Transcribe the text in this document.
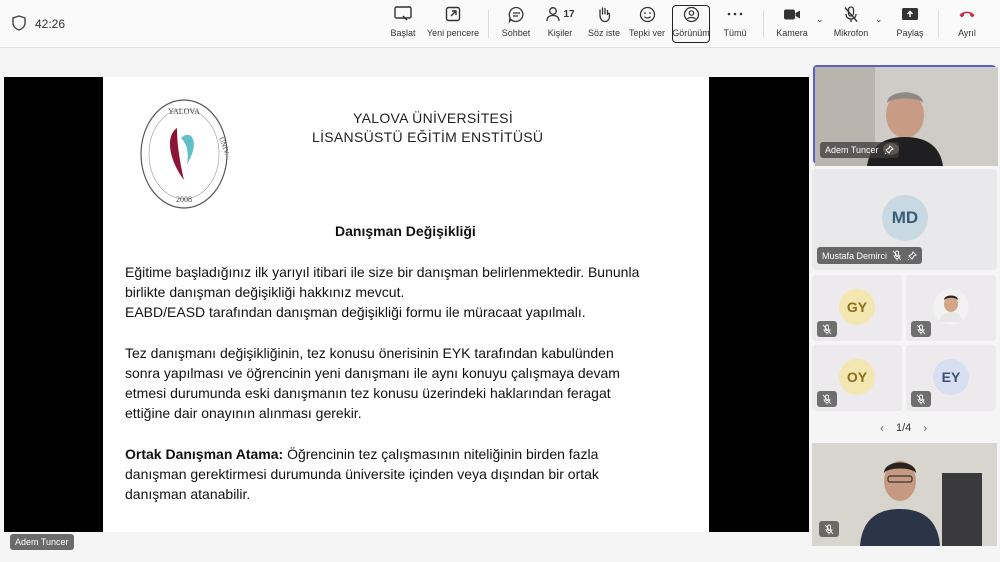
42:26
Başlat Yeni pencere	Sohbet
17
Kişiler Söz iste Tepki ver Görünüm Tümü	Kamera
⌄
Mikrofon
⌄
Paylaş	Ayrıl
YALOVA
ÜNİV.
2008
YALOVA ÜNİVERSİTESİ
LİSANSÜSTÜ EĞİTİM ENSTİTÜSÜ
Danışman Değişikliği
Eğitime başladığınız ilk yarıyıl itibari ile size bir danışman belirlenmektedir. Bununla
birlikte danışman değişikliği hakkınız mevcut.
EABD/EASD tarafından danışman değişikliği formu ile müracaat yapılmalı.
Tez danışmanı değişikliğinin, tez konusu önerisinin EYK tarafından kabulünden
sonra yapılması ve öğrencinin yeni danışmanı ile aynı konuyu çalışmaya devam
etmesi durumunda eski danışmanın tez konusu üzerindeki haklarından feragat
ettiğine dair onayının alınması gerekir.
Ortak Danışman Atama: Öğrencinin tez çalışmasının niteliğinin birden fazla
danışman gerektirmesi durumunda üniversite içinden veya dışından bir ortak
danışman atanabilir.
Adem Tuncer
Adem Tuncer
MD
Mustafa Demirci
GY
OY	EY
‹ 1/4 ›
